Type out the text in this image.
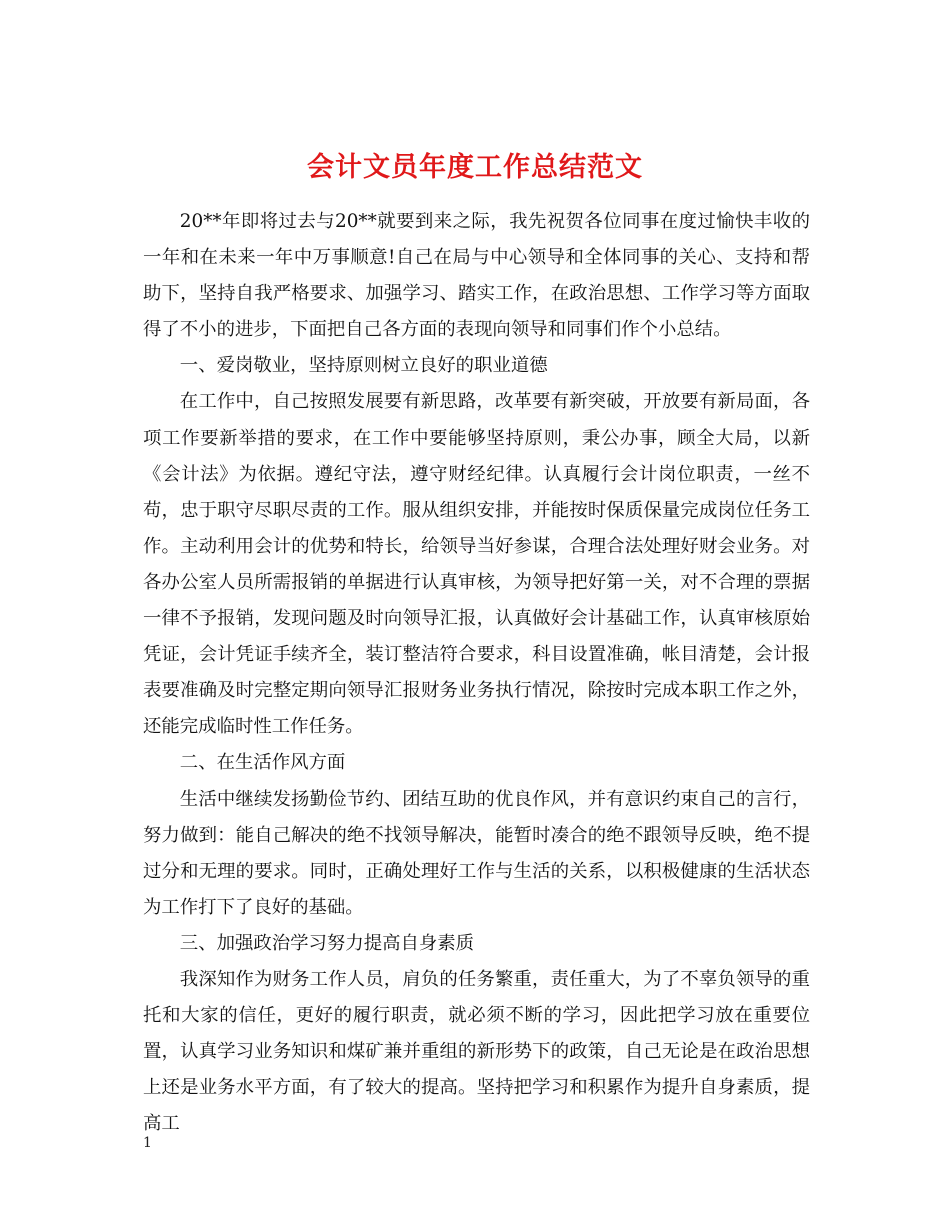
会计文员年度工作总结范文

20**年即将过去与20**就要到来之际，我先祝贺各位同事在度过愉快丰收的一年和在未来一年中万事顺意!自己在局与中心领导和全体同事的关心、支持和帮助下，坚持自我严格要求、加强学习、踏实工作，在政治思想、工作学习等方面取得了不小的进步，下面把自己各方面的表现向领导和同事们作个小总结。

一、爱岗敬业，坚持原则树立良好的职业道德

在工作中，自己按照发展要有新思路，改革要有新突破，开放要有新局面，各项工作要新举措的要求，在工作中要能够坚持原则，秉公办事，顾全大局，以新《会计法》为依据。遵纪守法，遵守财经纪律。认真履行会计岗位职责，一丝不苟，忠于职守尽职尽责的工作。服从组织安排，并能按时保质保量完成岗位任务工作。主动利用会计的优势和特长，给领导当好参谋，合理合法处理好财会业务。对各办公室人员所需报销的单据进行认真审核，为领导把好第一关，对不合理的票据一律不予报销，发现问题及时向领导汇报，认真做好会计基础工作，认真审核原始凭证，会计凭证手续齐全，装订整洁符合要求，科目设置准确，帐目清楚，会计报表要准确及时完整定期向领导汇报财务业务执行情况，除按时完成本职工作之外，还能完成临时性工作任务。

二、在生活作风方面

生活中继续发扬勤俭节约、团结互助的优良作风，并有意识约束自己的言行，努力做到：能自己解决的绝不找领导解决，能暂时凑合的绝不跟领导反映，绝不提过分和无理的要求。同时，正确处理好工作与生活的关系，以积极健康的生活状态为工作打下了良好的基础。

三、加强政治学习努力提高自身素质

我深知作为财务工作人员，肩负的任务繁重，责任重大，为了不辜负领导的重托和大家的信任，更好的履行职责，就必须不断的学习，因此把学习放在重要位置，认真学习业务知识和煤矿兼并重组的新形势下的政策，自己无论是在政治思想上还是业务水平方面，有了较大的提高。坚持把学习和积累作为提升自身素质，提高工

1
